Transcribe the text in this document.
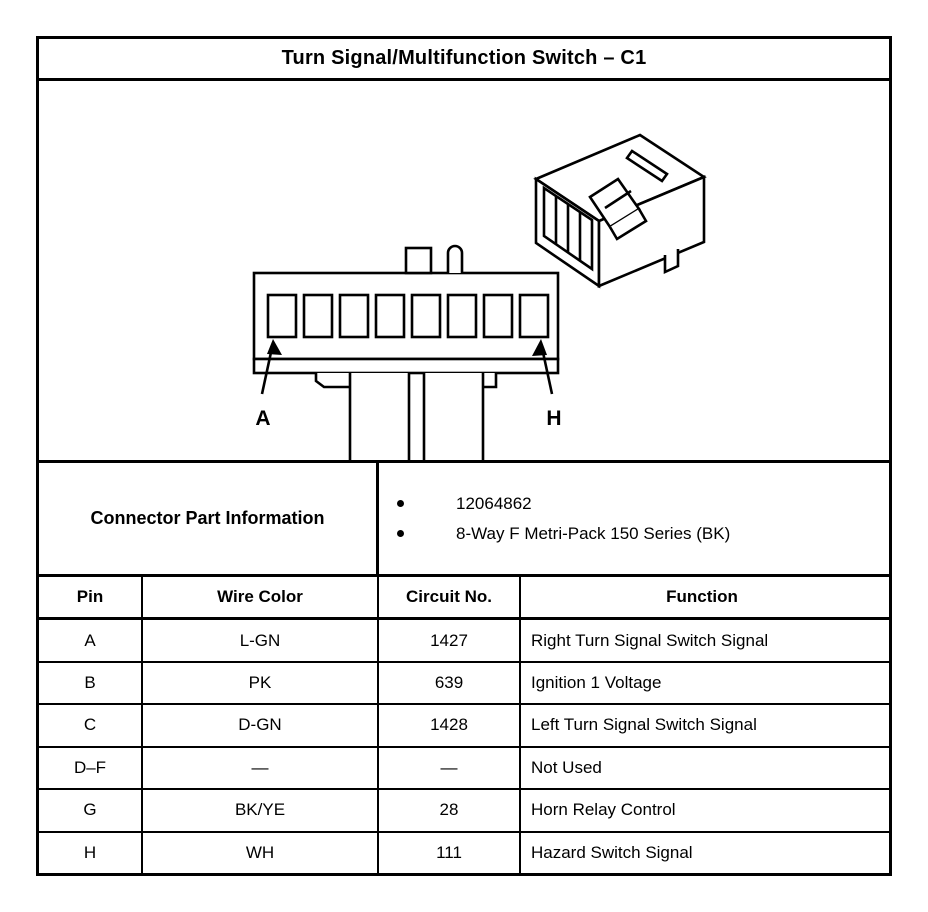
Turn Signal/Multifunction Switch – C1
A	H
Connector Part Information
12064862
8-Way F Metri-Pack 150 Series (BK)
Pin	Wire Color	Circuit No.	Function
A	L-GN	1427	Right Turn Signal Switch Signal
B	PK	639	Ignition 1 Voltage
C	D-GN	1428	Left Turn Signal Switch Signal
D–F	—	—	Not Used
G	BK/YE	28	Horn Relay Control
H	WH	111	Hazard Switch Signal
